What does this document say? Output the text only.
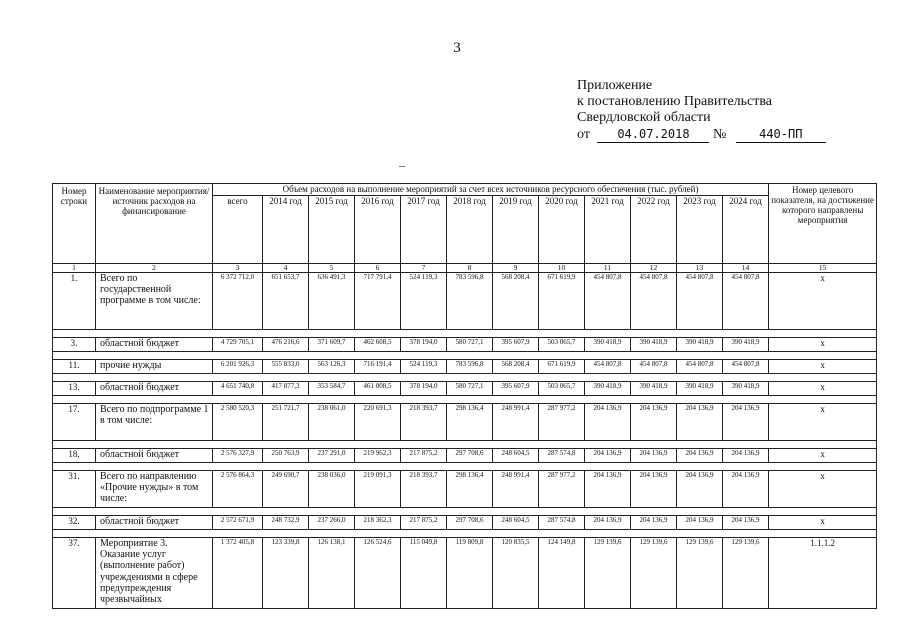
3
Приложение
к постановлению Правительства
Свердловской области
от 04.07.2018 №	440-ПП
Номер строки	Наименование мероприятия/источник расходов на финансирование	Объем расходов на выполнение мероприятий за счет всех источников ресурсного обеспечения (тыс. рублей)												Номер целевого показателя, на достижение которого направлены мероприятия
		всего	2014 год	2015 год	2016 год	2017 год	2018 год	2019 год	2020 год	2021 год	2022 год	2023 год	2024 год	
1	2	3	4	5	6	7	8	9	10	11	12	13	14	15
1.	Всего по государственной программе в том числе:	6 372 712,0	651 653,7	636 491,3	717 791,4	524 119,3	783 596,8	568 208,4	671 619,9	454 807,8	454 807,8	454 807,8	454 807,8	x

3.	областной бюджет	4 729 705,1	476 216,6	371 609,7	462 608,5	378 194,0	580 727,1	395 607,9	503 065,7	390 418,9	390 418,9	390 418,9	390 418,9	x

11.	прочие нужды	6 201 926,3	555 833,0	563 126,3	716 191,4	524 119,3	783 596,8	568 208,4	671 619,9	454 807,8	454 807,8	454 807,8	454 807,8	x

13.	областной бюджет	4 651 740,8	417 877,3	353 584,7	461 008,5	378 194,0	580 727,1	395 607,9	503 065,7	390 418,9	390 418,9	390 418,9	390 418,9	x

17.	Всего по подпрограмме 1 в том числе:	2 580 520,3	251 721,7	238 061,0	220 691,3	218 393,7	298 136,4	248 991,4	287 977,2	204 136,9	204 136,9	204 136,9	204 136,9	x

18.	областной бюджет	2 576 327,9	250 763,9	237 291,0	219 962,3	217 875,2	297 708,6	248 604,5	287 574,8	204 136,9	204 136,9	204 136,9	204 136,9	x

31.	Всего по направлению «Прочие нужды» в том числе:	2 576 864,3	249 690,7	238 036,0	219 091,3	218 393,7	298 136,4	248 991,4	287 977,2	204 136,9	204 136,9	204 136,9	204 136,9	x

32.	областной бюджет	2 572 671,9	248 732,9	237 266,0	218 362,3	217 875,2	297 708,6	248 604,5	287 574,8	204 136,9	204 136,9	204 136,9	204 136,9	x

37.	Мероприятие 3. Оказание услуг (выполнение работ) учреждениями в сфере предупреждения чрезвычайных	1 372 405,8	123 339,8	126 138,1	126 524,6	115 049,8	119 809,8	120 835,5	124 149,8	129 139,6	129 139,6	129 139,6	129 139,6	1.1.1.2
